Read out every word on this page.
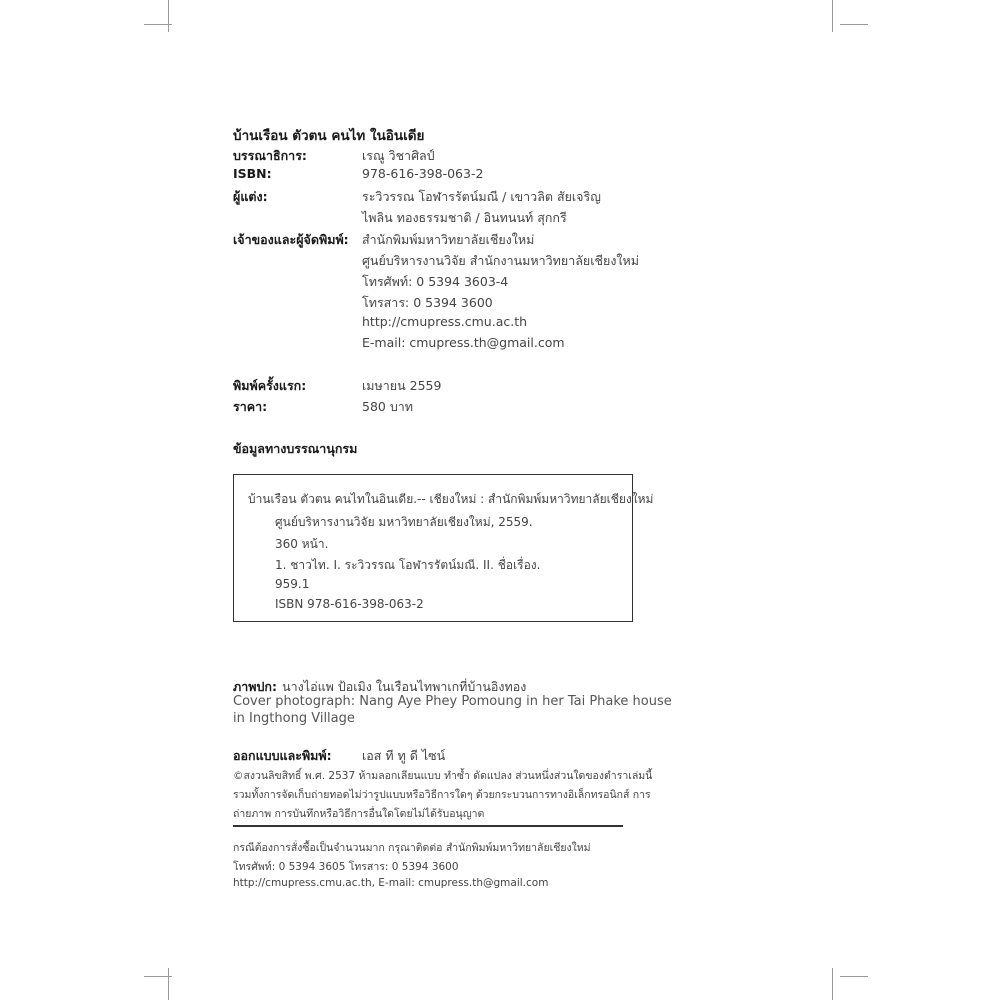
บ้านเรือน ตัวตน คนไท ในอินเดีย
บรรณาธิการ:	เรณู วิชาศิลป์
ISBN:	978-616-398-063-2
ผู้แต่ง:	ระวิวรรณ โอฬารรัตน์มณี / เขาวลิต สัยเจริญ
ไพลิน ทองธรรมชาติ / อินทนนท์ สุกกรี
เจ้าของและผู้จัดพิมพ์: สำนักพิมพ์มหาวิทยาลัยเชียงใหม่
ศูนย์บริหารงานวิจัย สำนักงานมหาวิทยาลัยเชียงใหม่
โทรศัพท์: 0 5394 3603-4
โทรสาร: 0 5394 3600
http://cmupress.cmu.ac.th
E-mail: cmupress.th@gmail.com
พิมพ์ครั้งแรก:	เมษายน 2559
ราคา:	580 บาท
ข้อมูลทางบรรณานุกรม
บ้านเรือน ตัวตน คนไทในอินเดีย.-- เชียงใหม่ : สำนักพิมพ์มหาวิทยาลัยเชียงใหม่
ศูนย์บริหารงานวิจัย มหาวิทยาลัยเชียงใหม่, 2559.
360 หน้า.
1. ชาวไท. I. ระวิวรรณ โอฬารรัตน์มณี. II. ชื่อเรื่อง.
959.1
ISBN 978-616-398-063-2
ภาพปก: นางไอ่แพ ป้อเมิง ในเรือนไทพาเกที่บ้านอิงทอง
Cover photograph: Nang Aye Phey Pomoung in her Tai Phake house
in Ingthong Village
ออกแบบและพิมพ์: เอส ที ทู ดี ไซน์
©สงวนลิขสิทธิ์ พ.ศ. 2537 ห้ามลอกเลียนแบบ ทำซ้ำ ดัดแปลง ส่วนหนึ่งส่วนใดของตำราเล่มนี้
รวมทั้งการจัดเก็บถ่ายทอดไม่ว่ารูปแบบหรือวิธีการใดๆ ด้วยกระบวนการทางอิเล็กทรอนิกส์ การ
ถ่ายภาพ การบันทึกหรือวิธีการอื่นใดโดยไม่ได้รับอนุญาต
กรณีต้องการสั่งซื้อเป็นจำนวนมาก กรุณาติดต่อ สำนักพิมพ์มหาวิทยาลัยเชียงใหม่
โทรศัพท์: 0 5394 3605 โทรสาร: 0 5394 3600
http://cmupress.cmu.ac.th, E-mail: cmupress.th@gmail.com
